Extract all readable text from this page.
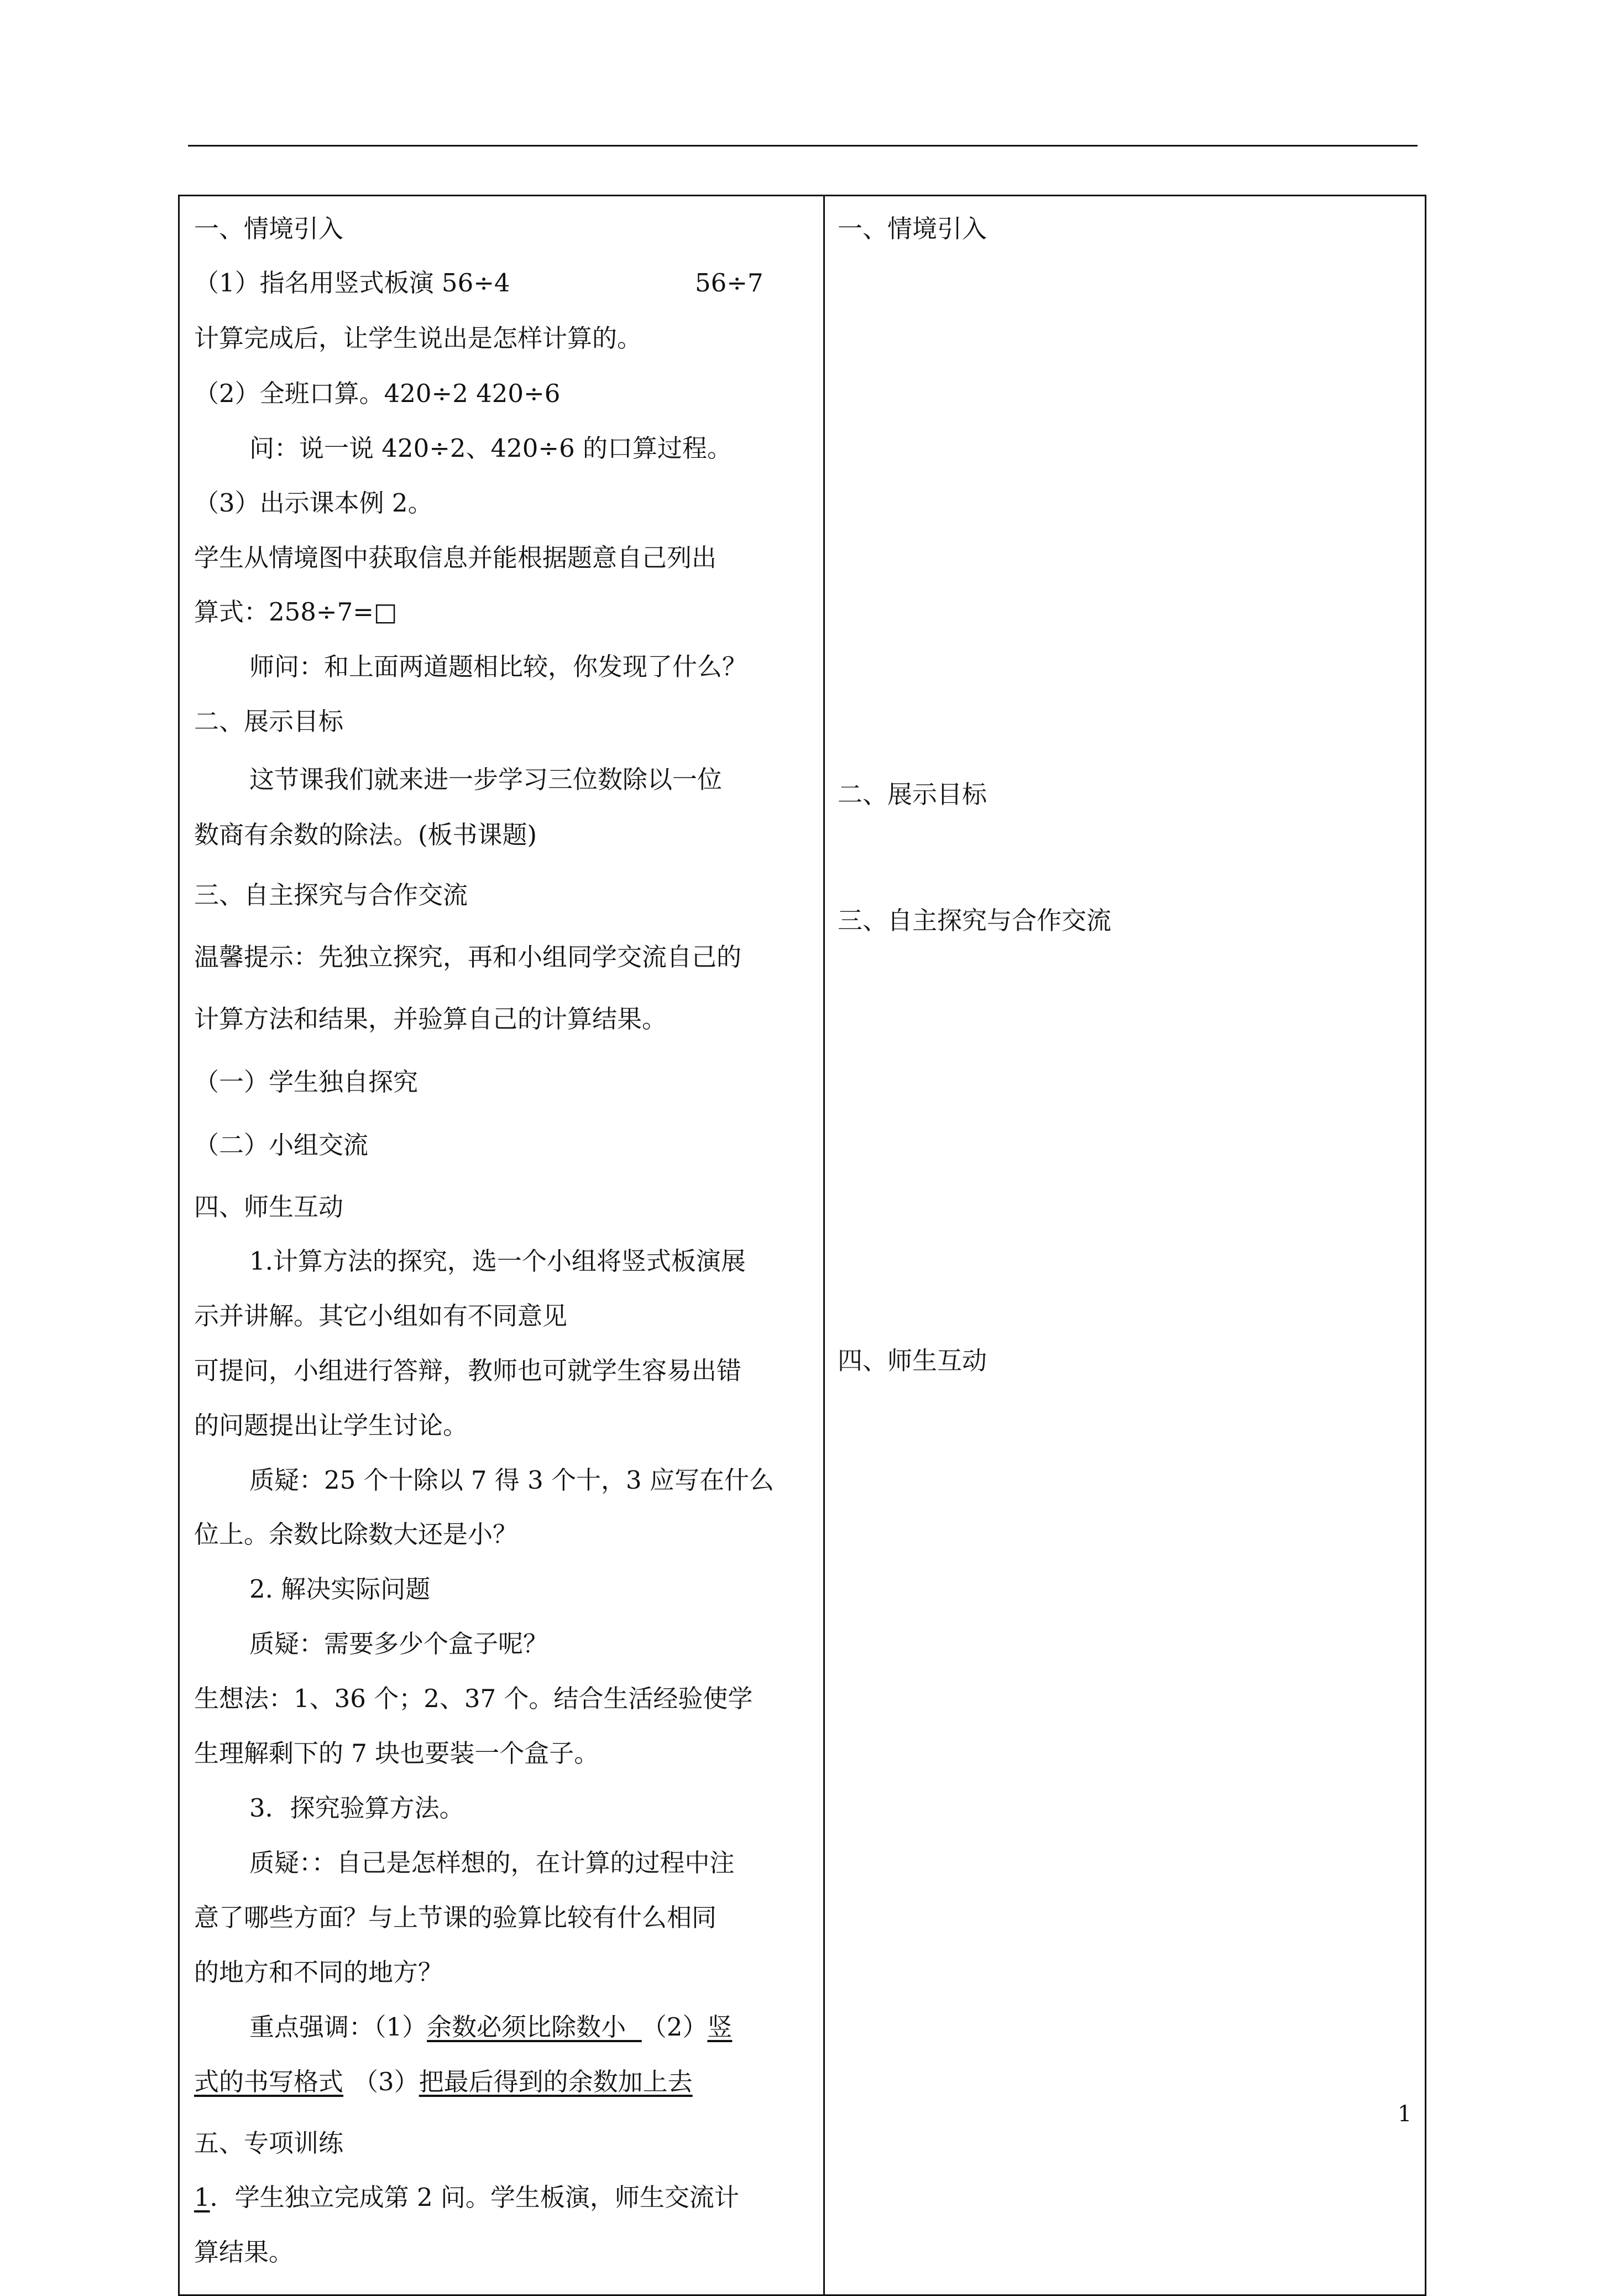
一、情境引入
（1）指名用竖式板演 56÷4	56÷7
计算完成后，让学生说出是怎样计算的。
（2）全班口算。420÷2 420÷6
问：说一说 420÷2、420÷6 的口算过程。
（3）出示课本例 2。
学生从情境图中获取信息并能根据题意自己列出
算式：258÷7=□
师问：和上面两道题相比较，你发现了什么？
二、展示目标
这节课我们就来进一步学习三位数除以一位
数商有余数的除法。(板书课题)
三、自主探究与合作交流
温馨提示：先独立探究，再和小组同学交流自己的
计算方法和结果，并验算自己的计算结果。
（一）学生独自探究
（二）小组交流
四、师生互动
1.计算方法的探究，选一个小组将竖式板演展
示并讲解。其它小组如有不同意见
可提问，小组进行答辩，教师也可就学生容易出错
的问题提出让学生讨论。
质疑：25 个十除以 7 得 3 个十，3 应写在什么
位上。余数比除数大还是小？
2. 解决实际问题
质疑：需要多少个盒子呢？
生想法：1、36 个；2、37 个。结合生活经验使学
生理解剩下的 7 块也要装一个盒子。
3．探究验算方法。
质疑：：自己是怎样想的，在计算的过程中注
意了哪些方面？与上节课的验算比较有什么相同
的地方和不同的地方？
重点强调：（1）余数必须比除数小  （2）竖
式的书写格式 （3）把最后得到的余数加上去
五、专项训练
1．学生独立完成第 2 问。学生板演，师生交流计
算结果。
一、情境引入
二、展示目标
三、自主探究与合作交流
四、师生互动
1
